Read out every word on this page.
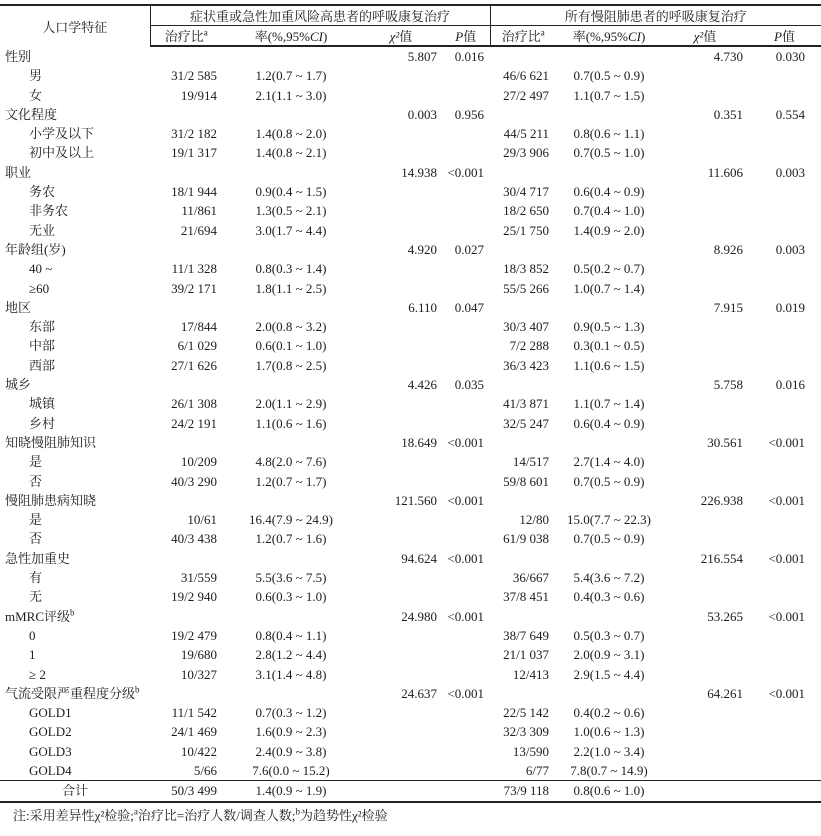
人口学特征	症状重或急性加重风险高患者的呼吸康复治疗				所有慢阻肺患者的呼吸康复治疗			
	治疗比$^a$	率(%,95%CI)	χ²值	P值	治疗比$^a$	率(%,95%CI)	χ²值	P值
性别			5.807	0.016			4.730	0.030
男	31/2 585	1.2(0.7 ~ 1.7)			46/6 621	0.7(0.5 ~ 0.9)		
女	19/914	2.1(1.1 ~ 3.0)			27/2 497	1.1(0.7 ~ 1.5)		
文化程度			0.003	0.956			0.351	0.554
小学及以下	31/2 182	1.4(0.8 ~ 2.0)			44/5 211	0.8(0.6 ~ 1.1)		
初中及以上	19/1 317	1.4(0.8 ~ 2.1)			29/3 906	0.7(0.5 ~ 1.0)		
职业			14.938	<0.001			11.606	0.003
务农	18/1 944	0.9(0.4 ~ 1.5)			30/4 717	0.6(0.4 ~ 0.9)		
非务农	11/861	1.3(0.5 ~ 2.1)			18/2 650	0.7(0.4 ~ 1.0)		
无业	21/694	3.0(1.7 ~ 4.4)			25/1 750	1.4(0.9 ~ 2.0)		
年龄组(岁)			4.920	0.027			8.926	0.003
40 ~	11/1 328	0.8(0.3 ~ 1.4)			18/3 852	0.5(0.2 ~ 0.7)		
≥60	39/2 171	1.8(1.1 ~ 2.5)			55/5 266	1.0(0.7 ~ 1.4)		
地区			6.110	0.047			7.915	0.019
东部	17/844	2.0(0.8 ~ 3.2)			30/3 407	0.9(0.5 ~ 1.3)		
中部	6/1 029	0.6(0.1 ~ 1.0)			7/2 288	0.3(0.1 ~ 0.5)		
西部	27/1 626	1.7(0.8 ~ 2.5)			36/3 423	1.1(0.6 ~ 1.5)		
城乡			4.426	0.035			5.758	0.016
城镇	26/1 308	2.0(1.1 ~ 2.9)			41/3 871	1.1(0.7 ~ 1.4)		
乡村	24/2 191	1.1(0.6 ~ 1.6)			32/5 247	0.6(0.4 ~ 0.9)		
知晓慢阻肺知识			18.649	<0.001			30.561	<0.001
是	10/209	4.8(2.0 ~ 7.6)			14/517	2.7(1.4 ~ 4.0)		
否	40/3 290	1.2(0.7 ~ 1.7)			59/8 601	0.7(0.5 ~ 0.9)		
慢阻肺患病知晓			121.560	<0.001			226.938	<0.001
是	10/61	16.4(7.9 ~ 24.9)			12/80	15.0(7.7 ~ 22.3)		
否	40/3 438	1.2(0.7 ~ 1.6)			61/9 038	0.7(0.5 ~ 0.9)		
急性加重史			94.624	<0.001			216.554	<0.001
有	31/559	5.5(3.6 ~ 7.5)			36/667	5.4(3.6 ~ 7.2)		
无	19/2 940	0.6(0.3 ~ 1.0)			37/8 451	0.4(0.3 ~ 0.6)		
mMRC评级$^b$			24.980	<0.001			53.265	<0.001
0	19/2 479	0.8(0.4 ~ 1.1)			38/7 649	0.5(0.3 ~ 0.7)		
1	19/680	2.8(1.2 ~ 4.4)			21/1 037	2.0(0.9 ~ 3.1)		
≥ 2	10/327	3.1(1.4 ~ 4.8)			12/413	2.9(1.5 ~ 4.4)		
气流受限严重程度分级$^b$			24.637	<0.001			64.261	<0.001
GOLD1	11/1 542	0.7(0.3 ~ 1.2)			22/5 142	0.4(0.2 ~ 0.6)		
GOLD2	24/1 469	1.6(0.9 ~ 2.3)			32/3 309	1.0(0.6 ~ 1.3)		
GOLD3	10/422	2.4(0.9 ~ 3.8)			13/590	2.2(1.0 ~ 3.4)		
GOLD4	5/66	7.6(0.0 ~ 15.2)			6/77	7.8(0.7 ~ 14.9)		
合计	50/3 499	1.4(0.9 ~ 1.9)			73/9 118	0.8(0.6 ~ 1.0)		
注:采用差异性χ²检验;$^a$治疗比=治疗人数/调查人数;$^b$为趋势性χ²检验
